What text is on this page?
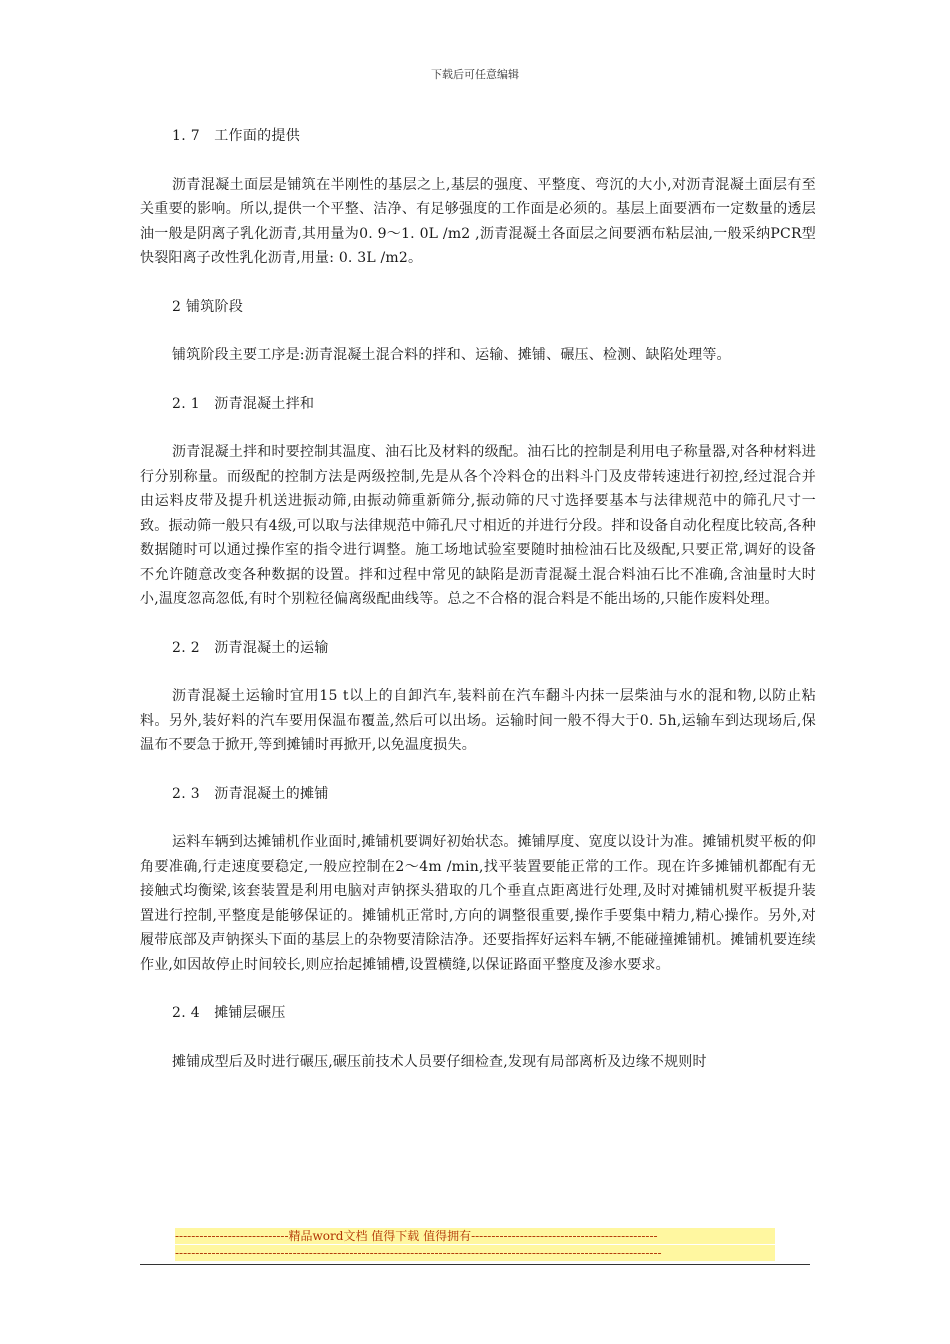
下载后可任意编辑
1. 7　工作面的提供
沥青混凝土面层是铺筑在半刚性的基层之上,基层的强度、平整度、弯沉的大小,对沥青混凝土面层有至关重要的影响。所以,提供一个平整、洁净、有足够强度的工作面是必须的。基层上面要洒布一定数量的透层油一般是阴离子乳化沥青,其用量为0. 9～1. 0L /m2 ,沥青混凝土各面层之间要洒布粘层油,一般采纳PCR型快裂阳离子改性乳化沥青,用量: 0. 3L /m2。
2 铺筑阶段
铺筑阶段主要工序是:沥青混凝土混合料的拌和、运输、摊铺、碾压、检测、缺陷处理等。
2. 1　沥青混凝土拌和
沥青混凝土拌和时要控制其温度、油石比及材料的级配。油石比的控制是利用电子称量器,对各种材料进行分别称量。而级配的控制方法是两级控制,先是从各个冷料仓的出料斗门及皮带转速进行初控,经过混合并由运料皮带及提升机送进振动筛,由振动筛重新筛分,振动筛的尺寸选择要基本与法律规范中的筛孔尺寸一致。振动筛一般只有4级,可以取与法律规范中筛孔尺寸相近的并进行分段。拌和设备自动化程度比较高,各种数据随时可以通过操作室的指令进行调整。施工场地试验室要随时抽检油石比及级配,只要正常,调好的设备不允许随意改变各种数据的设置。拌和过程中常见的缺陷是沥青混凝土混合料油石比不准确,含油量时大时小,温度忽高忽低,有时个别粒径偏离级配曲线等。总之不合格的混合料是不能出场的,只能作废料处理。
2. 2　沥青混凝土的运输
沥青混凝土运输时宜用15 t以上的自卸汽车,装料前在汽车翻斗内抹一层柴油与水的混和物,以防止粘料。另外,装好料的汽车要用保温布覆盖,然后可以出场。运输时间一般不得大于0. 5h,运输车到达现场后,保温布不要急于掀开,等到摊铺时再掀开,以免温度损失。
2. 3　沥青混凝土的摊铺
运料车辆到达摊铺机作业面时,摊铺机要调好初始状态。摊铺厚度、宽度以设计为准。摊铺机熨平板的仰角要准确,行走速度要稳定,一般应控制在2～4m /min,找平装置要能正常的工作。现在许多摊铺机都配有无接触式均衡梁,该套装置是利用电脑对声钠探头猎取的几个垂直点距离进行处理,及时对摊铺机熨平板提升装置进行控制,平整度是能够保证的。摊铺机正常时,方向的调整很重要,操作手要集中精力,精心操作。另外,对履带底部及声钠探头下面的基层上的杂物要清除洁净。还要指挥好运料车辆,不能碰撞摊铺机。摊铺机要连续作业,如因故停止时间较长,则应抬起摊铺槽,设置横缝,以保证路面平整度及渗水要求。
2. 4　摊铺层碾压
摊铺成型后及时进行碾压,碾压前技术人员要仔细检查,发现有局部离析及边缘不规则时
----------------------------精品word文档 值得下载 值得拥有----------------------------------------------
------------------------------------------------------------------------------------------------------------------------
